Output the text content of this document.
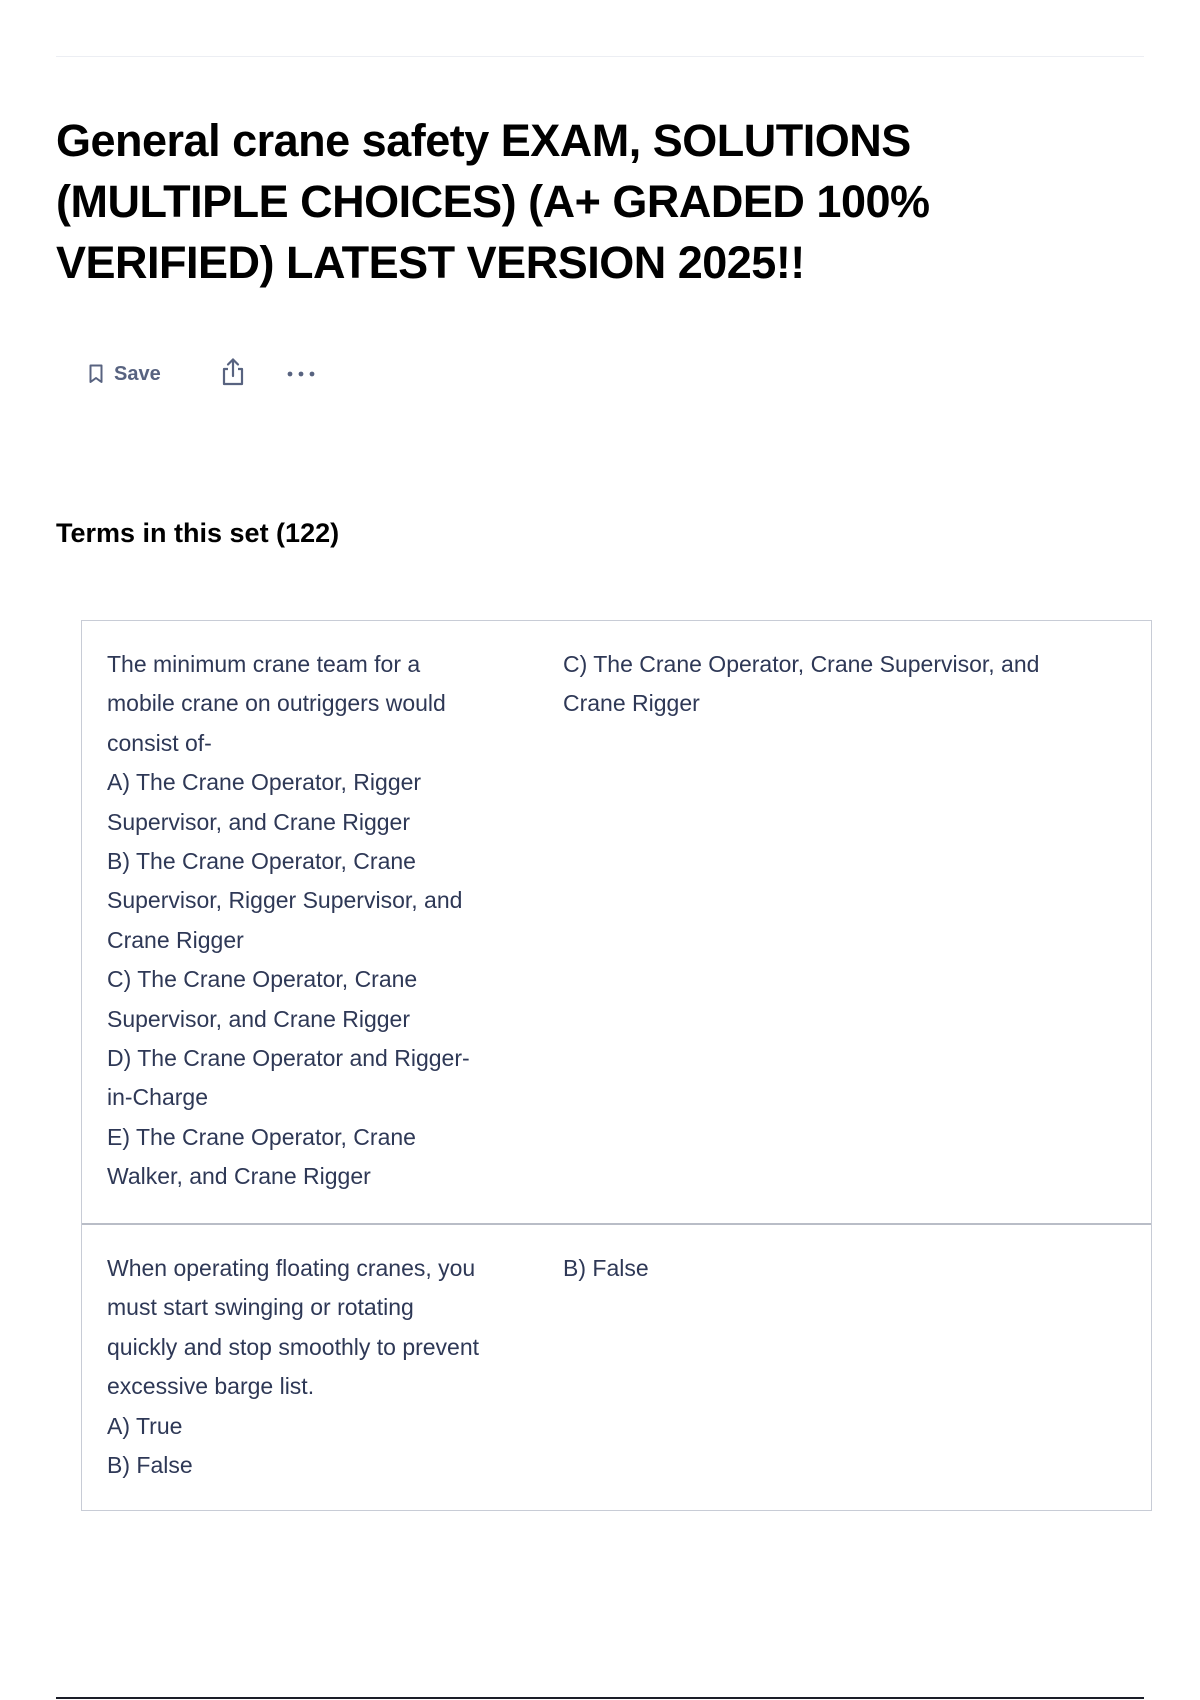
General crane safety EXAM, SOLUTIONS (MULTIPLE CHOICES) (A+ GRADED 100% VERIFIED) LATEST VERSION 2025!!
Save
Terms in this set (122)
The minimum crane team for a
mobile crane on outriggers would
consist of-
A) The Crane Operator, Rigger
Supervisor, and Crane Rigger
B) The Crane Operator, Crane
Supervisor, Rigger Supervisor, and
Crane Rigger
C) The Crane Operator, Crane
Supervisor, and Crane Rigger
D) The Crane Operator and Rigger-
in-Charge
E) The Crane Operator, Crane
Walker, and Crane Rigger
C) The Crane Operator, Crane Supervisor, and
Crane Rigger
When operating floating cranes, you
must start swinging or rotating
quickly and stop smoothly to prevent
excessive barge list.
A) True
B) False
B) False
